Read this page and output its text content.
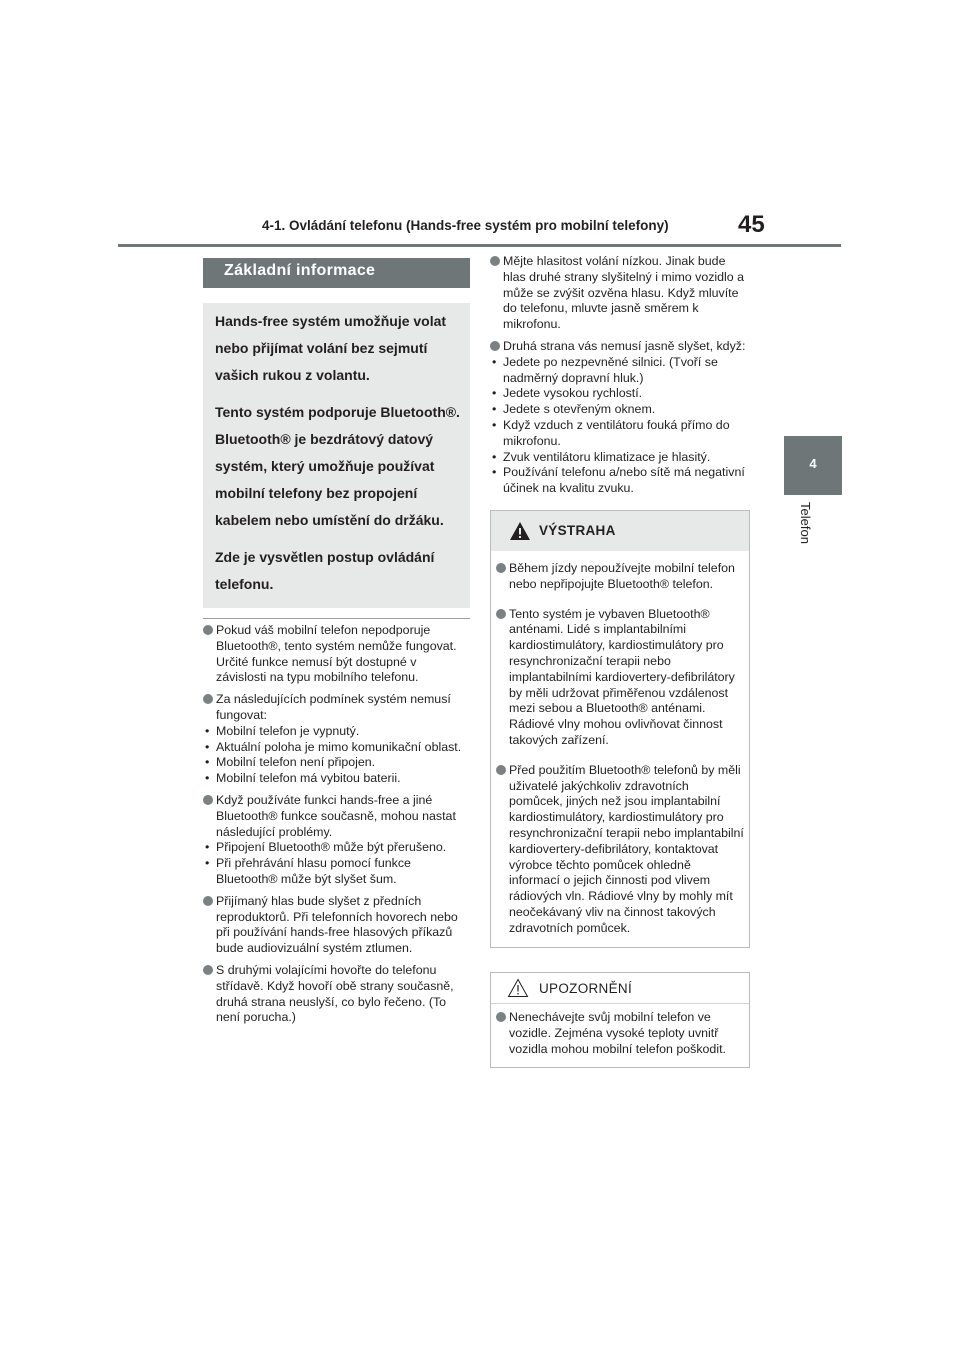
4-1. Ovládání telefonu (Hands-free systém pro mobilní telefony)	45
4
Telefon
Základní informace

Hands-free systém umožňuje volat nebo přijímat volání bez sejmutí vašich rukou z volantu.

Tento systém podporuje Bluetooth®. Bluetooth® je bezdrátový datový systém, který umožňuje používat mobilní telefony bez propojení kabelem nebo umístění do držáku.

Zde je vysvětlen postup ovládání telefonu.

Pokud váš mobilní telefon nepodporuje Bluetooth®, tento systém nemůže fungovat. Určité funkce nemusí být dostupné v závislosti na typu mobilního telefonu.
Za následujících podmínek systém nemusí fungovat:
• Mobilní telefon je vypnutý.
• Aktuální poloha je mimo komunikační oblast.
• Mobilní telefon není připojen.
• Mobilní telefon má vybitou baterii.
Když používáte funkci hands-free a jiné Bluetooth® funkce současně, mohou nastat následující problémy.
• Připojení Bluetooth® může být přerušeno.
• Při přehrávání hlasu pomocí funkce Bluetooth® může být slyšet šum.
Přijímaný hlas bude slyšet z předních reproduktorů. Při telefonních hovorech nebo při používání hands-free hlasových příkazů bude audiovizuální systém ztlumen.
S druhými volajícími hovořte do telefonu střídavě. Když hovoří obě strany současně, druhá strana neuslyší, co bylo řečeno. (To není porucha.)
Mějte hlasitost volání nízkou. Jinak bude hlas druhé strany slyšitelný i mimo vozidlo a může se zvýšit ozvěna hlasu. Když mluvíte do telefonu, mluvte jasně směrem k mikrofonu.
Druhá strana vás nemusí jasně slyšet, když:
• Jedete po nezpevněné silnici. (Tvoří se nadměrný dopravní hluk.)
• Jedete vysokou rychlostí.
• Jedete s otevřeným oknem.
• Když vzduch z ventilátoru fouká přímo do mikrofonu.
• Zvuk ventilátoru klimatizace je hlasitý.
• Používání telefonu a/nebo sítě má negativní účinek na kvalitu zvuku.
VÝSTRAHA
Během jízdy nepoužívejte mobilní telefon nebo nepřipojujte Bluetooth® telefon.
Tento systém je vybaven Bluetooth® anténami. Lidé s implantabilními kardiostimulátory, kardiostimulátory pro resynchronizační terapii nebo implantabilními kardiovertery-defibrilátory by měli udržovat přiměřenou vzdálenost mezi sebou a Bluetooth® anténami. Rádiové vlny mohou ovlivňovat činnost takových zařízení.
Před použitím Bluetooth® telefonů by měli uživatelé jakýchkoliv zdravotních pomůcek, jiných než jsou implantabilní kardiostimulátory, kardiostimulátory pro resynchronizační terapii nebo implantabilní kardiovertery-defibrilátory, kontaktovat výrobce těchto pomůcek ohledně informací o jejich činnosti pod vlivem rádiových vln. Rádiové vlny by mohly mít neočekávaný vliv na činnost takových zdravotních pomůcek.
UPOZORNĚNÍ
Nenechávejte svůj mobilní telefon ve vozidle. Zejména vysoké teploty uvnitř vozidla mohou mobilní telefon poškodit.
